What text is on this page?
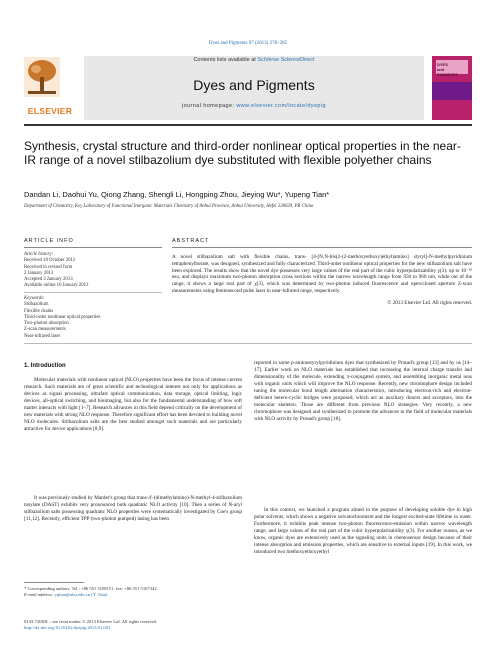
Dyes and Pigments 97 (2013) 278–285
ELSEVIER
Contents lists available at SciVerse ScienceDirect
Dyes and Pigments
journal homepage: www.elsevier.com/locate/dyepig
DYES
and
PIGMENTS
Synthesis, crystal structure and third-order nonlinear optical properties in the near-IR range of a novel stilbazolium dye substituted with flexible polyether chains
Dandan Li, Daohui Yu, Qiong Zhang, Shengli Li, Hongping Zhou, Jieying Wu*, Yupeng Tian*
Department of Chemistry, Key Laboratory of Functional Inorganic Materials Chemistry of Anhui Province, Anhui University, Hefei 230039, PR China
ARTICLE INFO
Article history:
Received 18 October 2012
Received in revised form
2 January 2013
Accepted 3 January 2013
Available online 16 January 2013
Keywords:
Stilbazolium
Flexible chains
Third-order nonlinear optical properties
Two-photon absorption
Z-scan measurements
Near-infrared laser
ABSTRACT
A novel stilbazolium salt with flexible chains, trans- [4-[N,N-bis(2-(2-methoxyethoxy)ethyl)amino] styryl]-N-methylpyridinium tetraphenylborate, was designed, synthesized and fully characterized. Third-order nonlinear optical properties for the new stilbazolium salt have been explored. The results show that the novel dye possesses very large values of the real part of the cubic hyperpolarizability γ(3): up to 10⁻³² esu, and displays maximum two-photon absorption cross sections within the narrow wavelength range from 950 to 960 nm, while out of the range, it shows a large real part of χ(3), which was determined by two-photon induced fluorescence and open/closed aperture Z-scan measurements using femtosecond pulse laser in near-infrared range, respectively.
© 2013 Elsevier Ltd. All rights reserved.
1. Introduction
Molecular materials with nonlinear optical (NLO) properties have been the focus of intense current research. Such materials are of great scientific and technological interest not only for applications as devices as signal processing, ultrafast optical communication, data storage, optical limiting, logic devices, all-optical switching, and bioimaging, but also for the fundamental understanding of how soft matter interacts with light [1–7]. Research advances in this field depend critically on the development of new materials with strong NLO response. Therefore significant effort has been devoted to building novel NLO molecules. Stilbazolium salts are the best studied amongst such materials and are particularly attractive for device applications [8,9].
It was previously studied by Marder's group that trans-4′-(dimethylamino)-N-methyl-4-stilbazolium tosylate (DAST) exhibits very pronounced bulk quadratic NLO activity [10]. Then a series of N-aryl stilbazolium salts possessing quadratic NLO properties were systematically investigated by Coe's group [11,12]. Recently, efficient TPP (two-photon pumped) lasing has been
reported in some p-aminostyrylpyridinium dyes that synthesized by Prasad's group [13] and by us [14–17]. Earlier work on NLO materials has established that increasing the internal charge transfer and dimensionality of the molecule, extending π-conjugated system, and assembling inorganic metal ions with organic units which will improve the NLO response. Recently, new chromophore design included tuning the molecular bond length alternation characteristics, introducing electron-rich and electron-deficient hetero-cyclic bridges were proposed, which act as auxiliary donors and acceptors, into the molecular skeleton. Those are different from previous NLO strategies. Very recently, a new chromophore was designed and synthesized to promote the advances in the field of molecular materials with NLO activity by Prasad's group [18].
In this context, we launched a program aimed in the purpose of developing soluble dye in high polar solvents, which shows a negative solvatochromism and the longest excited-state lifetime in water. Furthermore, it exhibits peak intense two-photon fluorescence-emission within narrow wavelength range, and large values of the real part of the cubic hyperpolarizability γ(3). For another reason, as we know, organic dyes are extensively used as the signaling units in chemosensor design because of their intense absorption and emission properties, which are sensitive to external inputs [19]. In this work, we introduced two methoxyethoxyethyl
* Corresponding authors. Tel.: +86 551 5108151; fax: +86 551 5107342.
E-mail address: yptian@ahu.edu.cn (Y. Tian).
0143-7208/$ – see front matter © 2013 Elsevier Ltd. All rights reserved.
http://dx.doi.org/10.1016/j.dyepig.2013.01.001
